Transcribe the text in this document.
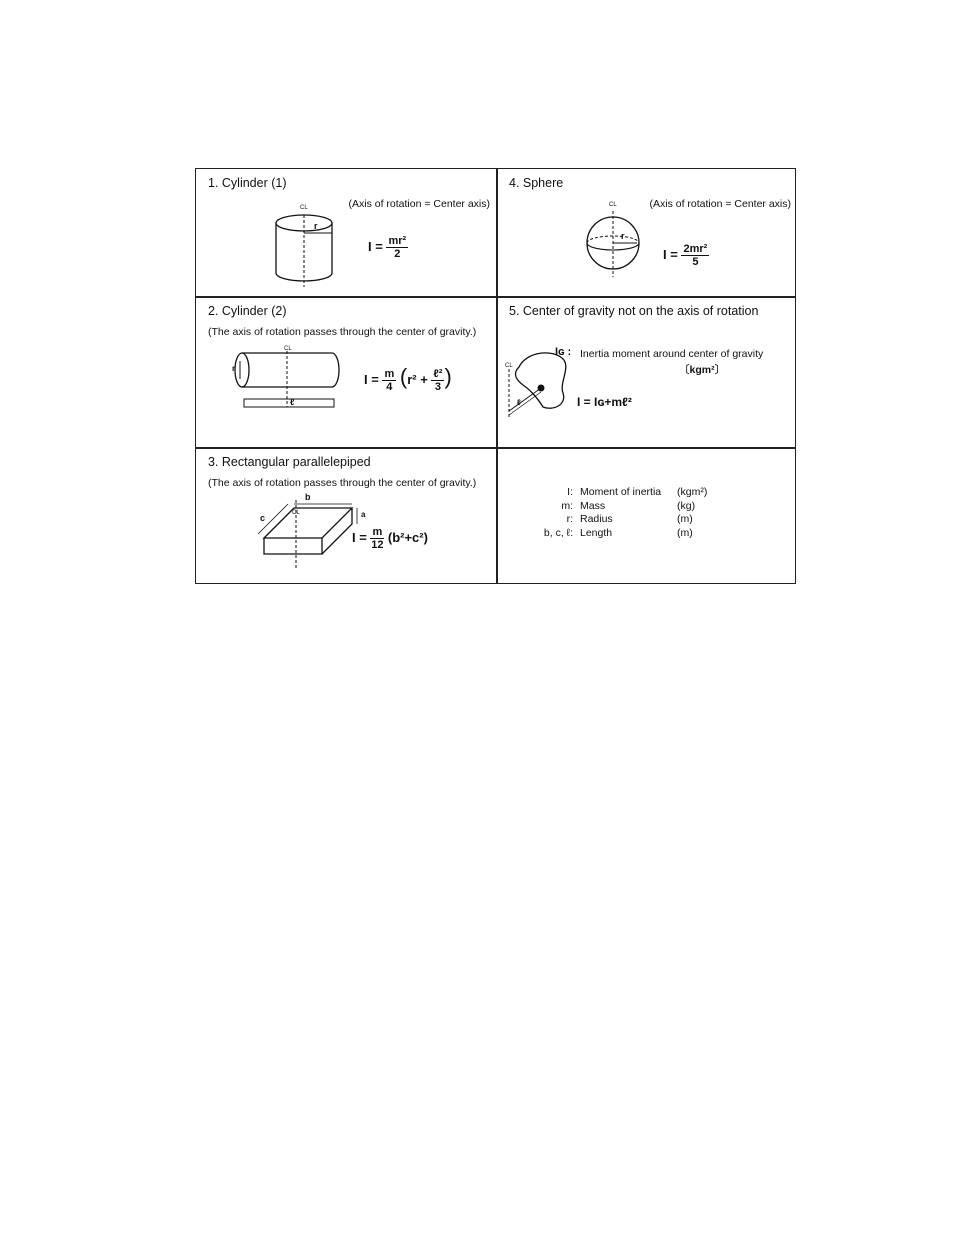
1. Cylinder (1)
(Axis of rotation = Center axis)
CL
r
$I = \frac{\text{mr²}}{2}$
4. Sphere
(Axis of rotation = Center axis)
CL
r
$I = \frac{\text{2mr²}}{5}$
2. Cylinder (2)
(The axis of rotation passes through the center of gravity.)
CL
r
ℓ
$I = \frac{m}{4} (r^2 + \frac{\text{ℓ²}}{3}$ )
5. Center of gravity not on the axis of rotation
CL
ℓ
Iɢ : Inertia moment around center of gravity
〔kgm²〕
I = Iɢ+mℓ²
3. Rectangular parallelepiped
(The axis of rotation passes through the center of gravity.)
b
c	a
CL
$I = \frac{m}{12} (b^2+c^2)$
I: Moment of inertia (kgm²)
m: Mass	(kg)
r: Radius	(m)
b, c, ℓ: Length	(m)
